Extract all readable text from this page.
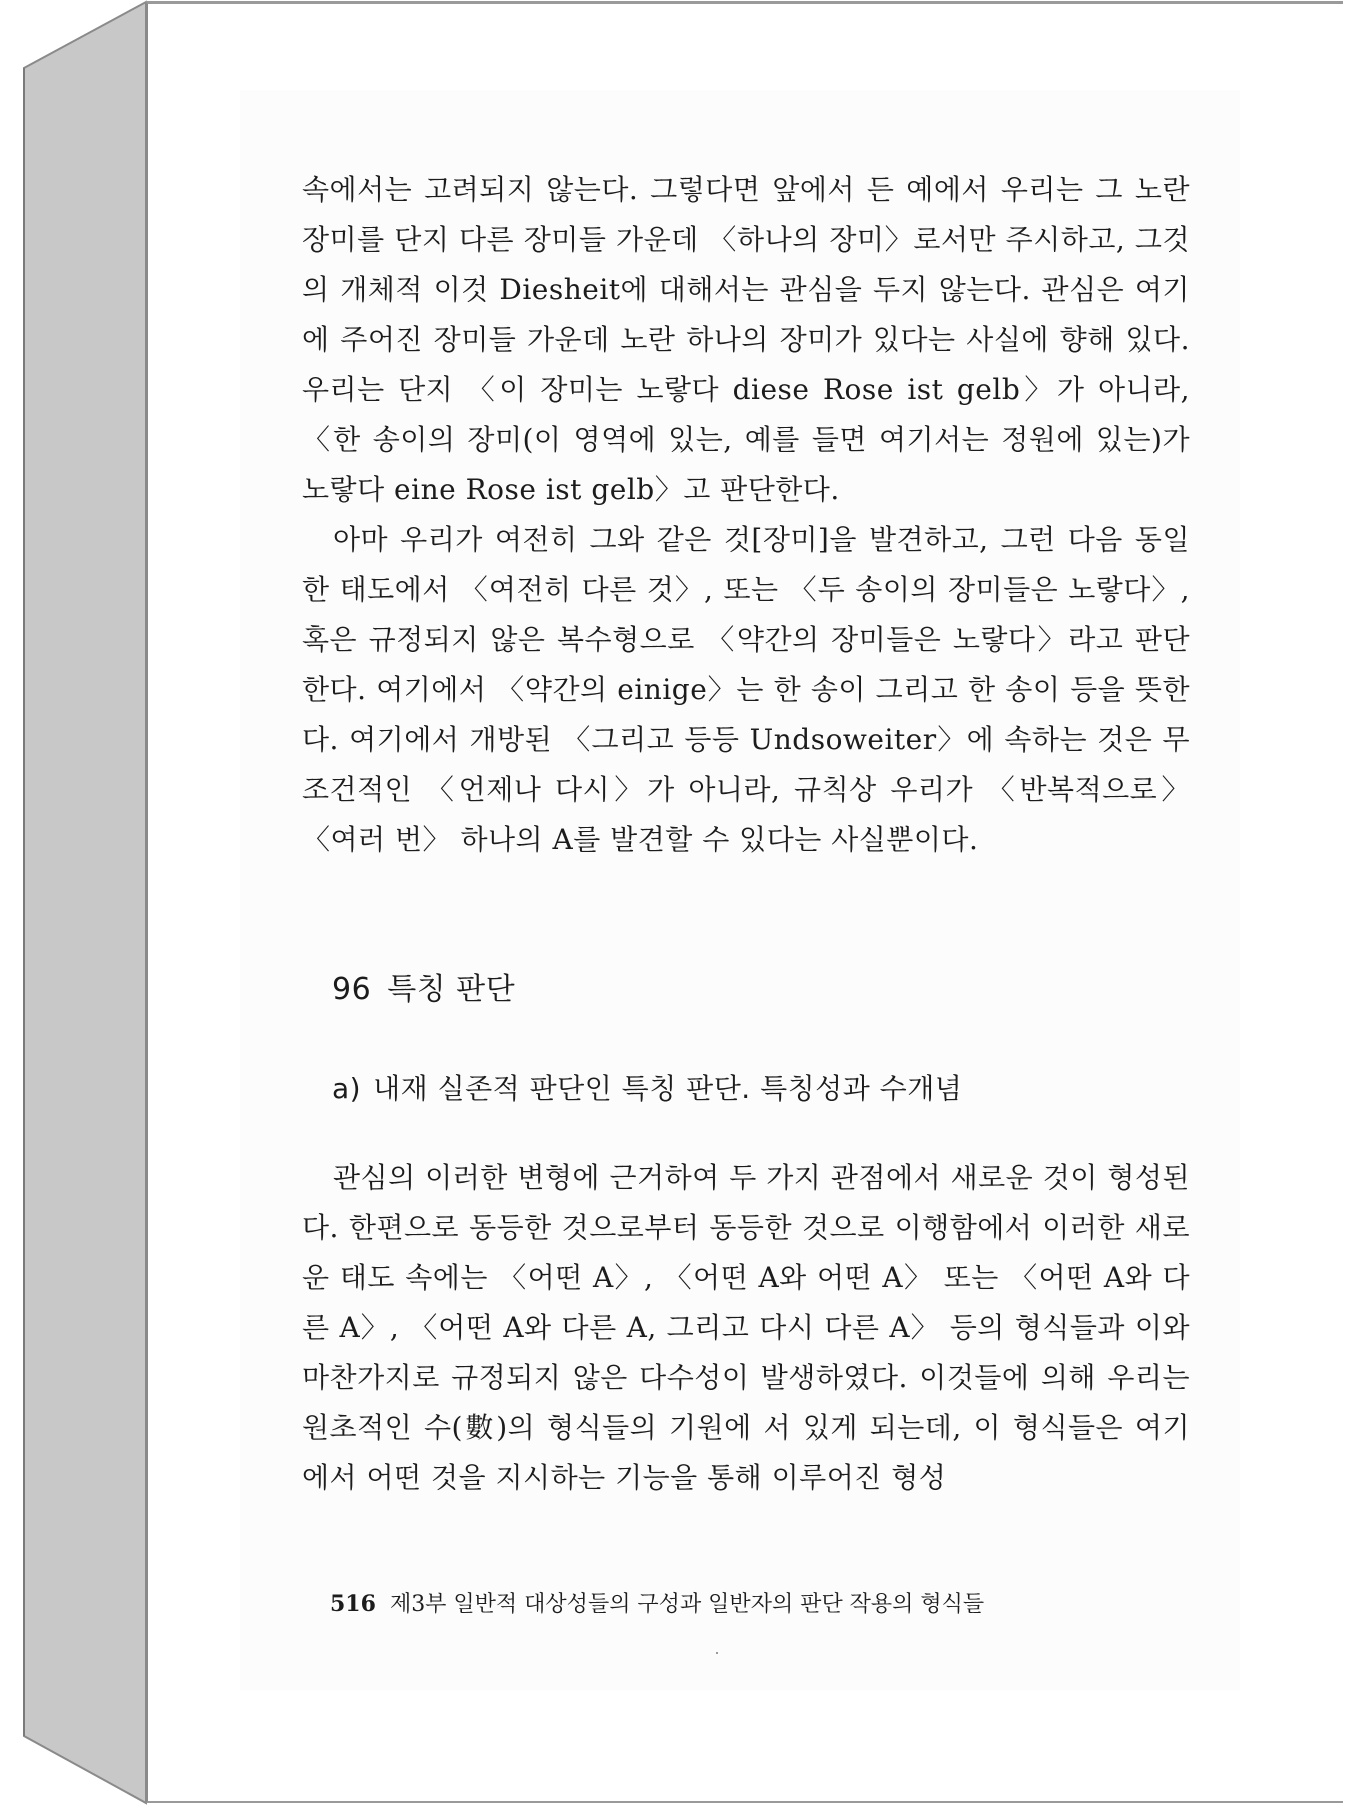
속에서는 고려되지 않는다. 그렇다면 앞에서 든 예에서 우리는 그 노란 장미를 단지 다른 장미들 가운데 〈하나의 장미〉로서만 주시하고, 그것의 개체적 이것 Diesheit에 대해서는 관심을 두지 않는다. 관심은 여기에 주어진 장미들 가운데 노란 하나의 장미가 있다는 사실에 향해 있다. 우리는 단지 〈이 장미는 노랗다 diese Rose ist gelb〉가 아니라, 〈한 송이의 장미(이 영역에 있는, 예를 들면 여기서는 정원에 있는)가 노랗다 eine Rose ist gelb〉고 판단한다.

아마 우리가 여전히 그와 같은 것[장미]을 발견하고, 그런 다음 동일한 태도에서 〈여전히 다른 것〉, 또는 〈두 송이의 장미들은 노랗다〉, 혹은 규정되지 않은 복수형으로 〈약간의 장미들은 노랗다〉라고 판단한다. 여기에서 〈약간의 einige〉는 한 송이 그리고 한 송이 등을 뜻한다. 여기에서 개방된 〈그리고 등등 Undsoweiter〉에 속하는 것은 무조건적인 〈언제나 다시〉가 아니라, 규칙상 우리가 〈반복적으로〉 〈여러 번〉 하나의 A를 발견할 수 있다는 사실뿐이다.

96 특칭 판단
a) 내재 실존적 판단인 특칭 판단. 특칭성과 수개념

관심의 이러한 변형에 근거하여 두 가지 관점에서 새로운 것이 형성된다. 한편으로 동등한 것으로부터 동등한 것으로 이행함에서 이러한 새로운 태도 속에는 〈어떤 A〉, 〈어떤 A와 어떤 A〉 또는 〈어떤 A와 다른 A〉, 〈어떤 A와 다른 A, 그리고 다시 다른 A〉 등의 형식들과 이와 마찬가지로 규정되지 않은 다수성이 발생하였다. 이것들에 의해 우리는 원초적인 수(數)의 형식들의 기원에 서 있게 되는데, 이 형식들은 여기에서 어떤 것을 지시하는 기능을 통해 이루어진 형성

516 제3부 일반적 대상성들의 구성과 일반자의 판단 작용의 형식들
